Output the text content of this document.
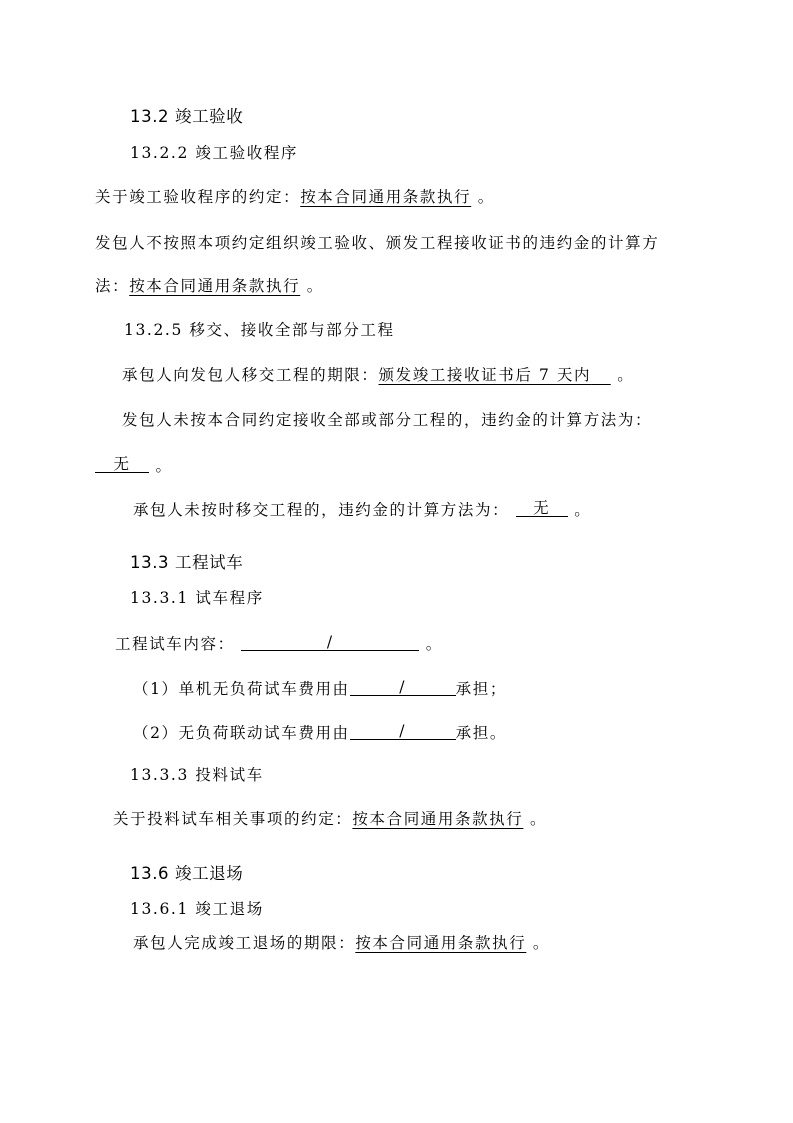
13.2 竣工验收
13.2.2 竣工验收程序
关于竣工验收程序的约定：按本合同通用条款执行 。
发包人不按照本项约定组织竣工验收、颁发工程接收证书的违约金的计算方
法：按本合同通用条款执行 。
13.2.5 移交、接收全部与部分工程
承包人向发包人移交工程的期限：颁发竣工接收证书后 7 天内 。
发包人未按本合同约定接收全部或部分工程的，违约金的计算方法为：
无	。
承包人未按时移交工程的，违约金的计算方法为：	无	。
13.3 工程试车
13.3.1 试车程序
工程试车内容：	/	。
（1）单机无负荷试车费用由	/	承担；
（2）无负荷联动试车费用由	/	承担。
13.3.3 投料试车
关于投料试车相关事项的约定：按本合同通用条款执行 。
13.6 竣工退场
13.6.1 竣工退场
承包人完成竣工退场的期限：按本合同通用条款执行 。
